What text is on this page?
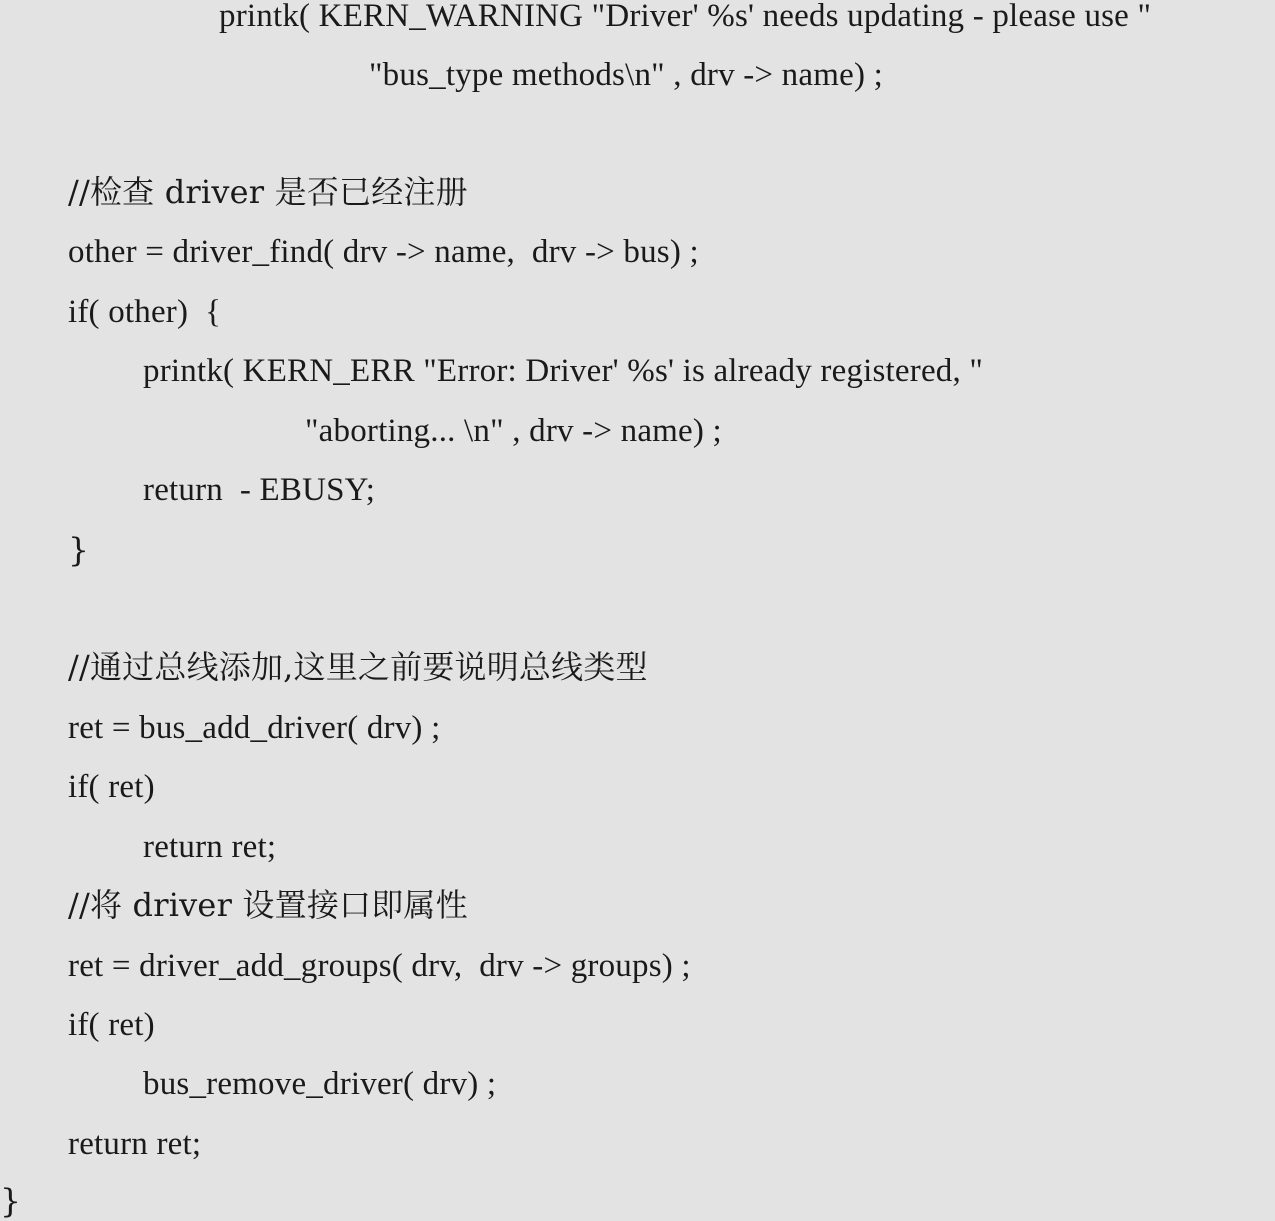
printk( KERN_WARNING "Driver' %s' needs updating - please use "

"bus_type methods\n" , drv -> name) ;

//检查 driver 是否已经注册

other = driver_find( drv -> name,  drv -> bus) ;

if( other)  {

printk( KERN_ERR "Error: Driver' %s' is already registered, "

"aborting... \n" , drv -> name) ;

return  - EBUSY;

}

//通过总线添加,这里之前要说明总线类型

ret = bus_add_driver( drv) ;

if( ret)

return ret;

//将 driver 设置接口即属性

ret = driver_add_groups( drv,  drv -> groups) ;

if( ret)

bus_remove_driver( drv) ;

return ret;

}
